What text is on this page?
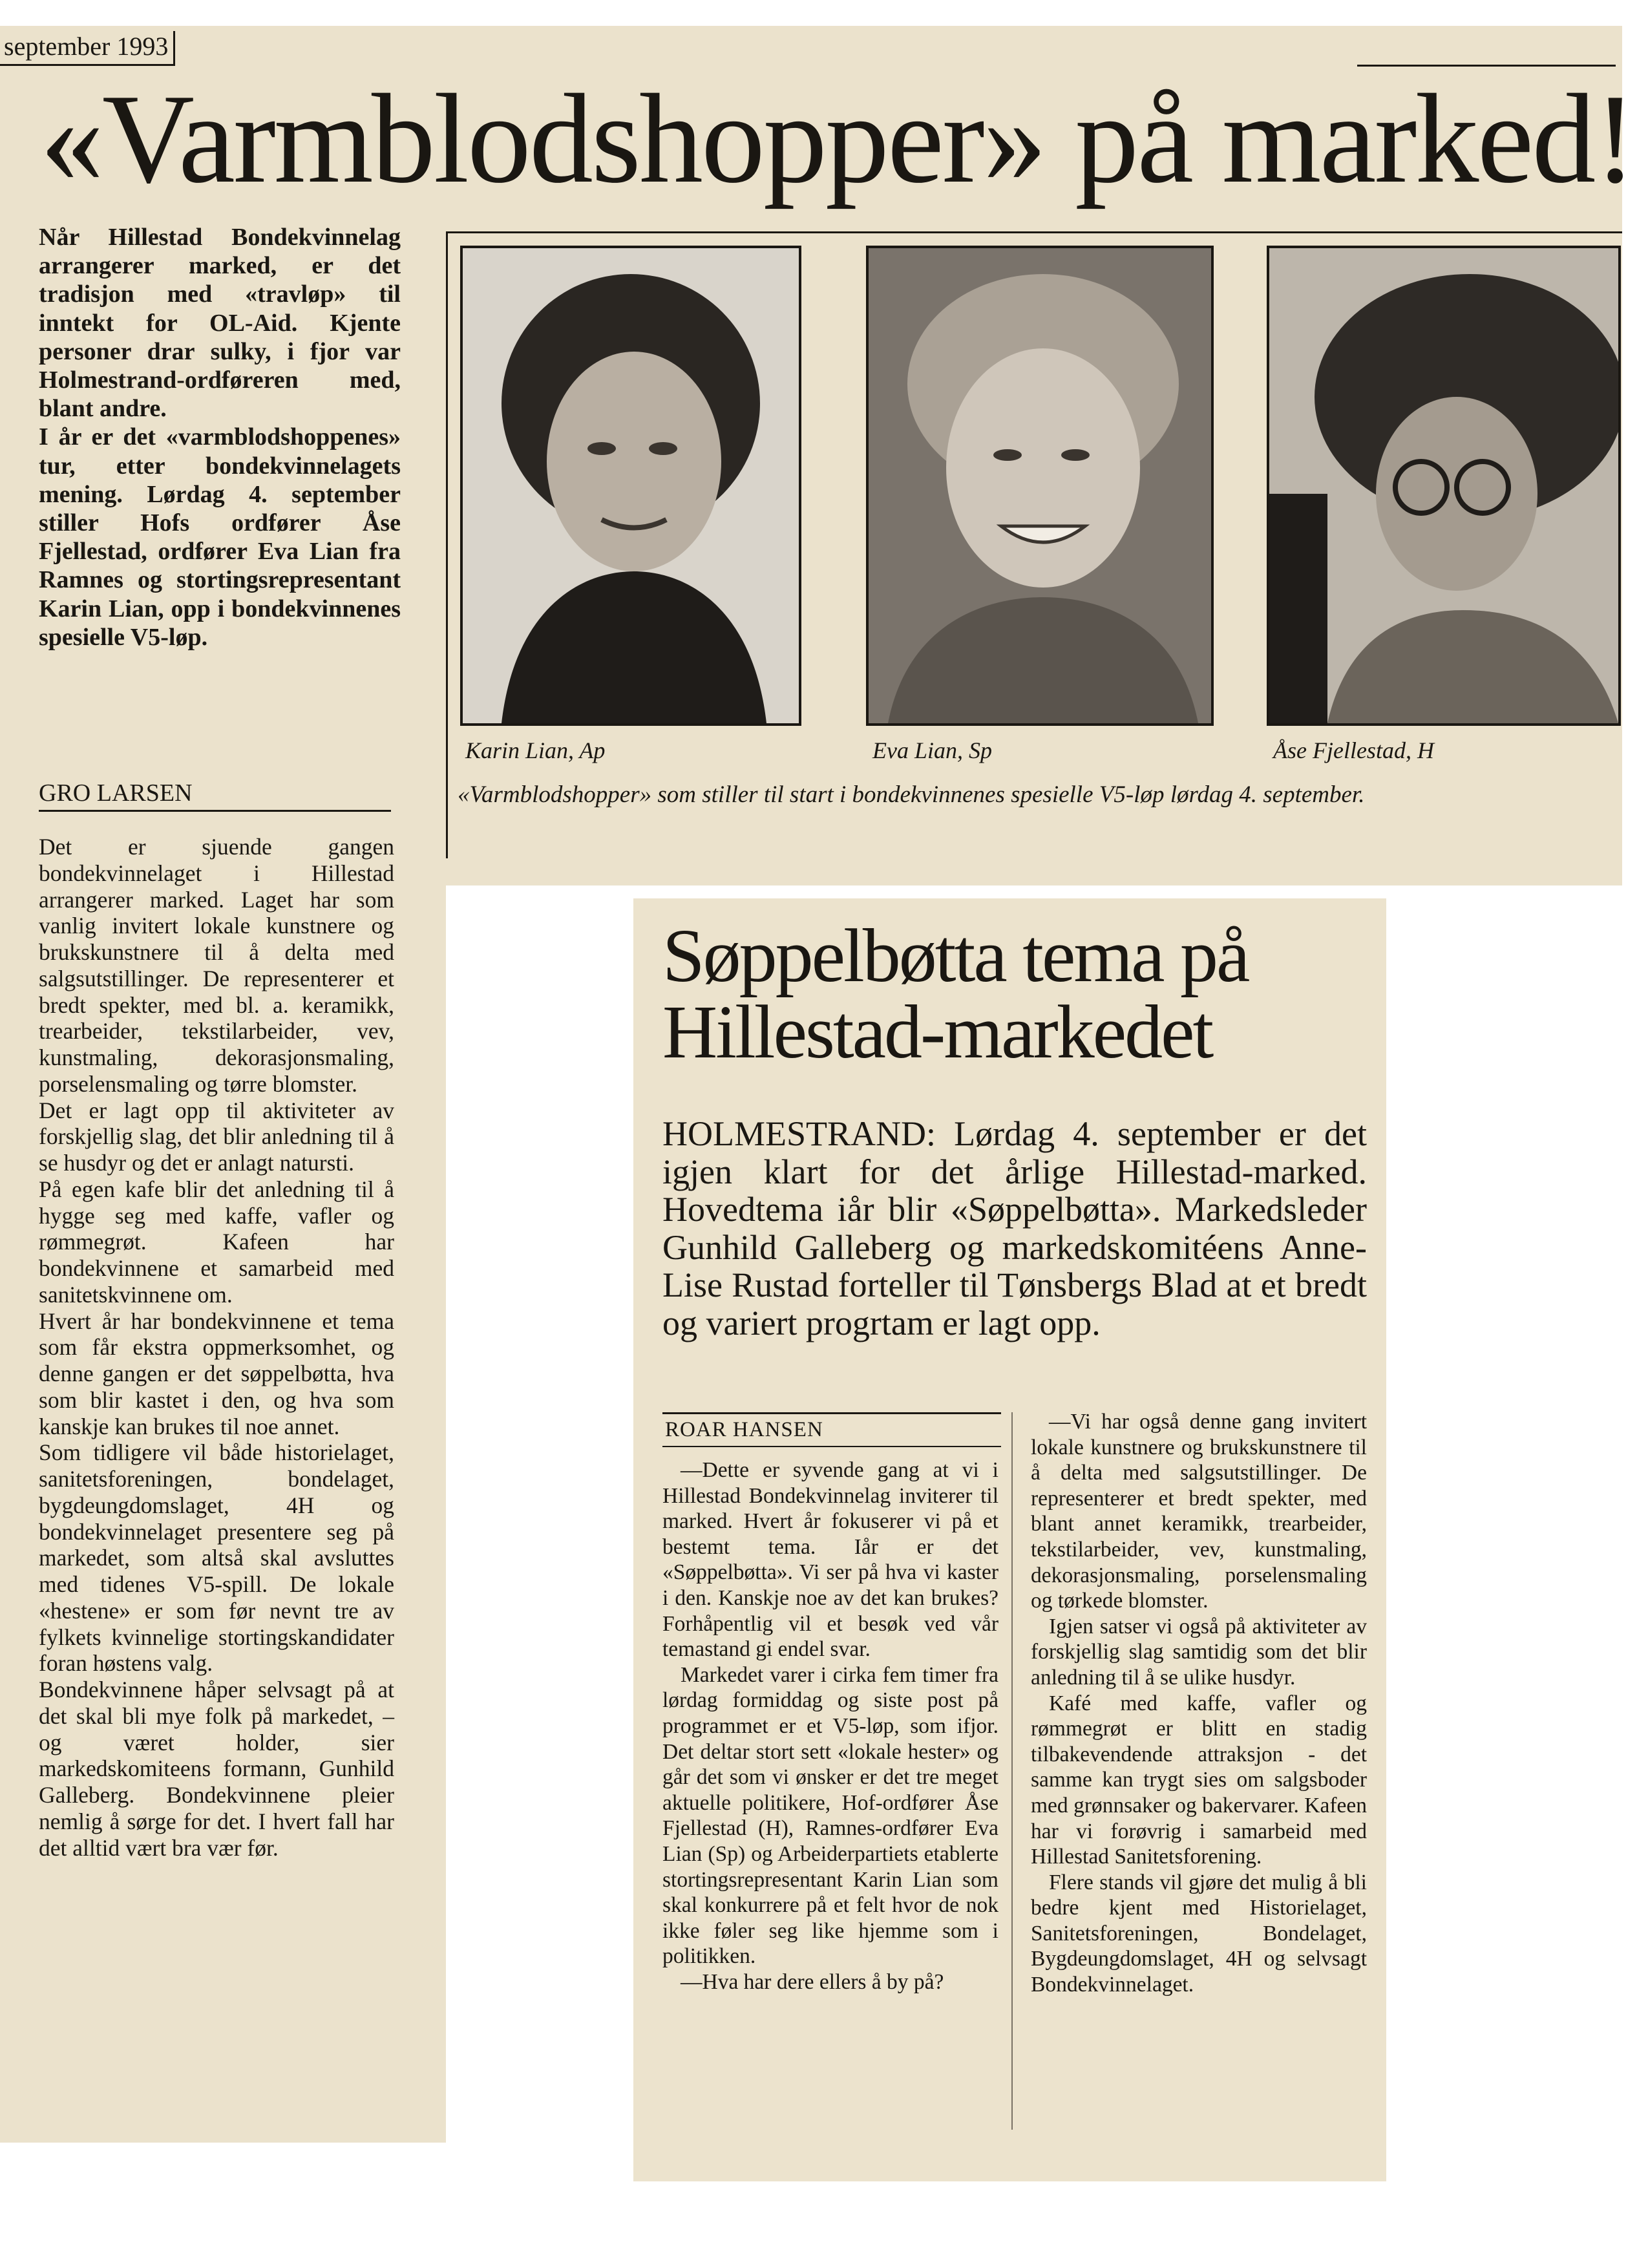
september 1993
«Varmblodshopper» på marked!

Når Hillestad Bondekvinnelag arrangerer marked, er det tradisjon med «travløp» til inntekt for OL-Aid. Kjente personer drar sulky, i fjor var Holmestrand-ordføreren med, blant andre.

I år er det «varmblodshoppenes» tur, etter bondekvinnelagets mening. Lørdag 4. september stiller Hofs ordfører Åse Fjellestad, ordfører Eva Lian fra Ramnes og stortingsrepresentant Karin Lian, opp i bondekvinnenes spesielle V5-løp.

Karin Lian, Ap	Eva Lian, Sp	Åse Fjellestad, H
«Varmblodshopper» som stiller til start i bondekvinnenes spesielle V5-løp lørdag 4. september.
GRO LARSEN

Det er sjuende gangen bondekvinnelaget i Hillestad arrangerer marked. Laget har som vanlig invitert lokale kunstnere og brukskunstnere til å delta med salgsutstillinger. De representerer et bredt spekter, med bl. a. keramikk, trearbeider, tekstilarbeider, vev, kunstmaling, dekorasjonsmaling, porselensmaling og tørre blomster.

Det er lagt opp til aktiviteter av forskjellig slag, det blir anledning til å se husdyr og det er anlagt natursti.

På egen kafe blir det anledning til å hygge seg med kaffe, vafler og rømmegrøt. Kafeen har bondekvinnene et samarbeid med sanitetskvinnene om.

Hvert år har bondekvinnene et tema som får ekstra oppmerksomhet, og denne gangen er det søppelbøtta, hva som blir kastet i den, og hva som kanskje kan brukes til noe annet.

Som tidligere vil både historielaget, sanitetsforeningen, bondelaget, bygdeungdomslaget, 4H og bondekvinnelaget presentere seg på markedet, som altså skal avsluttes med tidenes V5-spill. De lokale «hestene» er som før nevnt tre av fylkets kvinnelige stortingskandidater foran høstens valg.

Bondekvinnene håper selvsagt på at det skal bli mye folk på markedet, – og været holder, sier markedskomiteens formann, Gunhild Galleberg. Bondekvinnene pleier nemlig å sørge for det. I hvert fall har det alltid vært bra vær før.

Søppelbøtta tema på Hillestad-markedet
HOLMESTRAND: Lørdag 4. september er det igjen klart for det årlige Hillestad-marked. Hovedtema iår blir «Søppelbøtta». Markedsleder Gunhild Galleberg og markedskomitéens Anne-Lise Rustad forteller til Tønsbergs Blad at et bredt og variert progrtam er lagt opp.
ROAR HANSEN

—Dette er syvende gang at vi i Hillestad Bondekvinnelag inviterer til marked. Hvert år fokuserer vi på et bestemt tema. Iår er det «Søppelbøtta». Vi ser på hva vi kaster i den. Kanskje noe av det kan brukes? Forhåpentlig vil et besøk ved vår temastand gi endel svar.

Markedet varer i cirka fem timer fra lørdag formiddag og siste post på programmet er et V5-løp, som ifjor. Det deltar stort sett «lokale hester» og går det som vi ønsker er det tre meget aktuelle politikere, Hof-ordfører Åse Fjellestad (H), Ramnes-ordfører Eva Lian (Sp) og Arbeiderpartiets etablerte stortingsrepresentant Karin Lian som skal konkurrere på et felt hvor de nok ikke føler seg like hjemme som i politikken.

—Hva har dere ellers å by på?

—Vi har også denne gang invitert lokale kunstnere og brukskunstnere til å delta med salgsutstillinger. De representerer et bredt spekter, med blant annet keramikk, trearbeider, tekstilarbeider, vev, kunstmaling, dekorasjonsmaling, porselensmaling og tørkede blomster.

Igjen satser vi også på aktiviteter av forskjellig slag samtidig som det blir anledning til å se ulike husdyr.

Kafé med kaffe, vafler og rømmegrøt er blitt en stadig tilbakevendende attraksjon - det samme kan trygt sies om salgsboder med grønnsaker og bakervarer. Kafeen har vi forøvrig i samarbeid med Hillestad Sanitetsforening.

Flere stands vil gjøre det mulig å bli bedre kjent med Historielaget, Sanitetsforeningen, Bondelaget, Bygdeungdomslaget, 4H og selvsagt Bondekvinnelaget.
